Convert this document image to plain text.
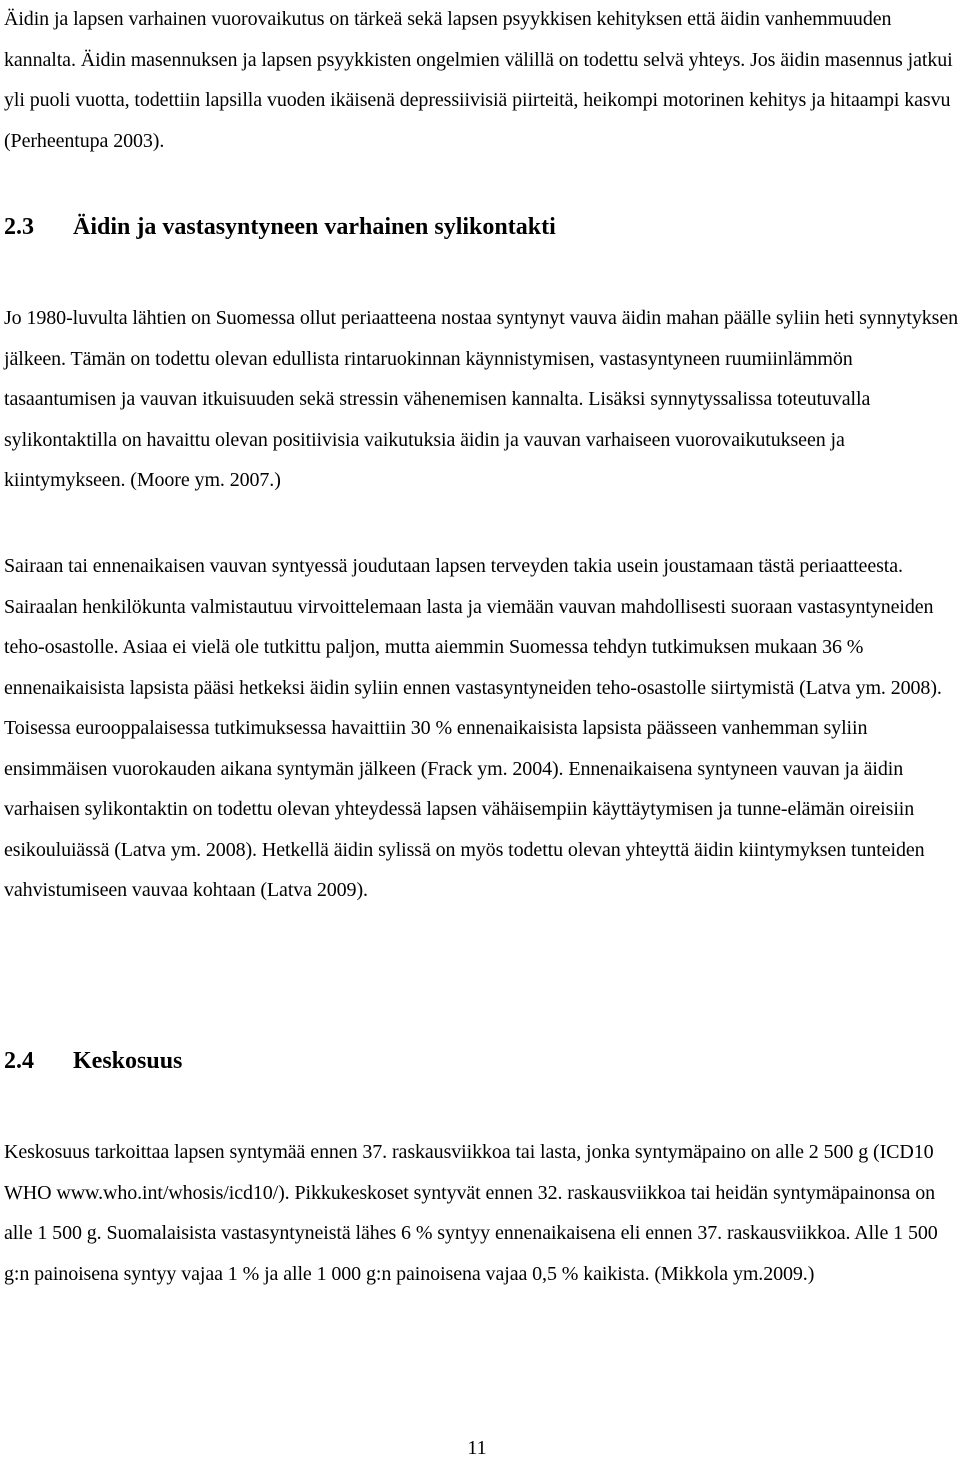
Äidin ja lapsen varhainen vuorovaikutus on tärkeä sekä lapsen psyykkisen kehityksen että äidin vanhemmuuden kannalta. Äidin masennuksen ja lapsen psyykkisten ongelmien välillä on todettu selvä yhteys. Jos äidin masennus jatkui yli puoli vuotta, todettiin lapsilla vuoden ikäisenä depressiivisiä piirteitä, heikompi motorinen kehitys ja hitaampi kasvu (Perheentupa 2003).

2.3 Äidin ja vastasyntyneen varhainen sylikontakti

Jo 1980-luvulta lähtien on Suomessa ollut periaatteena nostaa syntynyt vauva äidin mahan päälle syliin heti synnytyksen jälkeen. Tämän on todettu olevan edullista rintaruokinnan käynnistymisen, vastasyntyneen ruumiinlämmön tasaantumisen ja vauvan itkuisuuden sekä stressin vähenemisen kannalta. Lisäksi synnytyssalissa toteutuvalla sylikontaktilla on havaittu olevan positiivisia vaikutuksia äidin ja vauvan varhaiseen vuorovaikutukseen ja kiintymykseen. (Moore ym. 2007.)

Sairaan tai ennenaikaisen vauvan syntyessä joudutaan lapsen terveyden takia usein joustamaan tästä periaatteesta. Sairaalan henkilökunta valmistautuu virvoittelemaan lasta ja viemään vauvan mahdollisesti suoraan vastasyntyneiden teho-osastolle. Asiaa ei vielä ole tutkittu paljon, mutta aiemmin Suomessa tehdyn tutkimuksen mukaan 36 % ennenaikaisista lapsista pääsi hetkeksi äidin syliin ennen vastasyntyneiden teho-osastolle siirtymistä (Latva ym. 2008). Toisessa eurooppalaisessa tutkimuksessa havaittiin 30 % ennenaikaisista lapsista päässeen vanhemman syliin ensimmäisen vuorokauden aikana syntymän jälkeen (Frack ym. 2004). Ennenaikaisena syntyneen vauvan ja äidin varhaisen sylikontaktin on todettu olevan yhteydessä lapsen vähäisempiin käyttäytymisen ja tunne-elämän oireisiin esikouluiässä (Latva ym. 2008). Hetkellä äidin sylissä on myös todettu olevan yhteyttä äidin kiintymyksen tunteiden vahvistumiseen vauvaa kohtaan (Latva 2009).

2.4 Keskosuus

Keskosuus tarkoittaa lapsen syntymää ennen 37. raskausviikkoa tai lasta, jonka syntymäpaino on alle 2 500 g (ICD10 WHO www.who.int/whosis/icd10/). Pikkukeskoset syntyvät ennen 32. raskausviikkoa tai heidän syntymäpainonsa on alle 1 500 g. Suomalaisista vastasyntyneistä lähes 6 % syntyy ennenaikaisena eli ennen 37. raskausviikkoa. Alle 1 500 g:n painoisena syntyy vajaa 1 % ja alle 1 000 g:n painoisena vajaa 0,5 % kaikista. (Mikkola ym.2009.)

11
